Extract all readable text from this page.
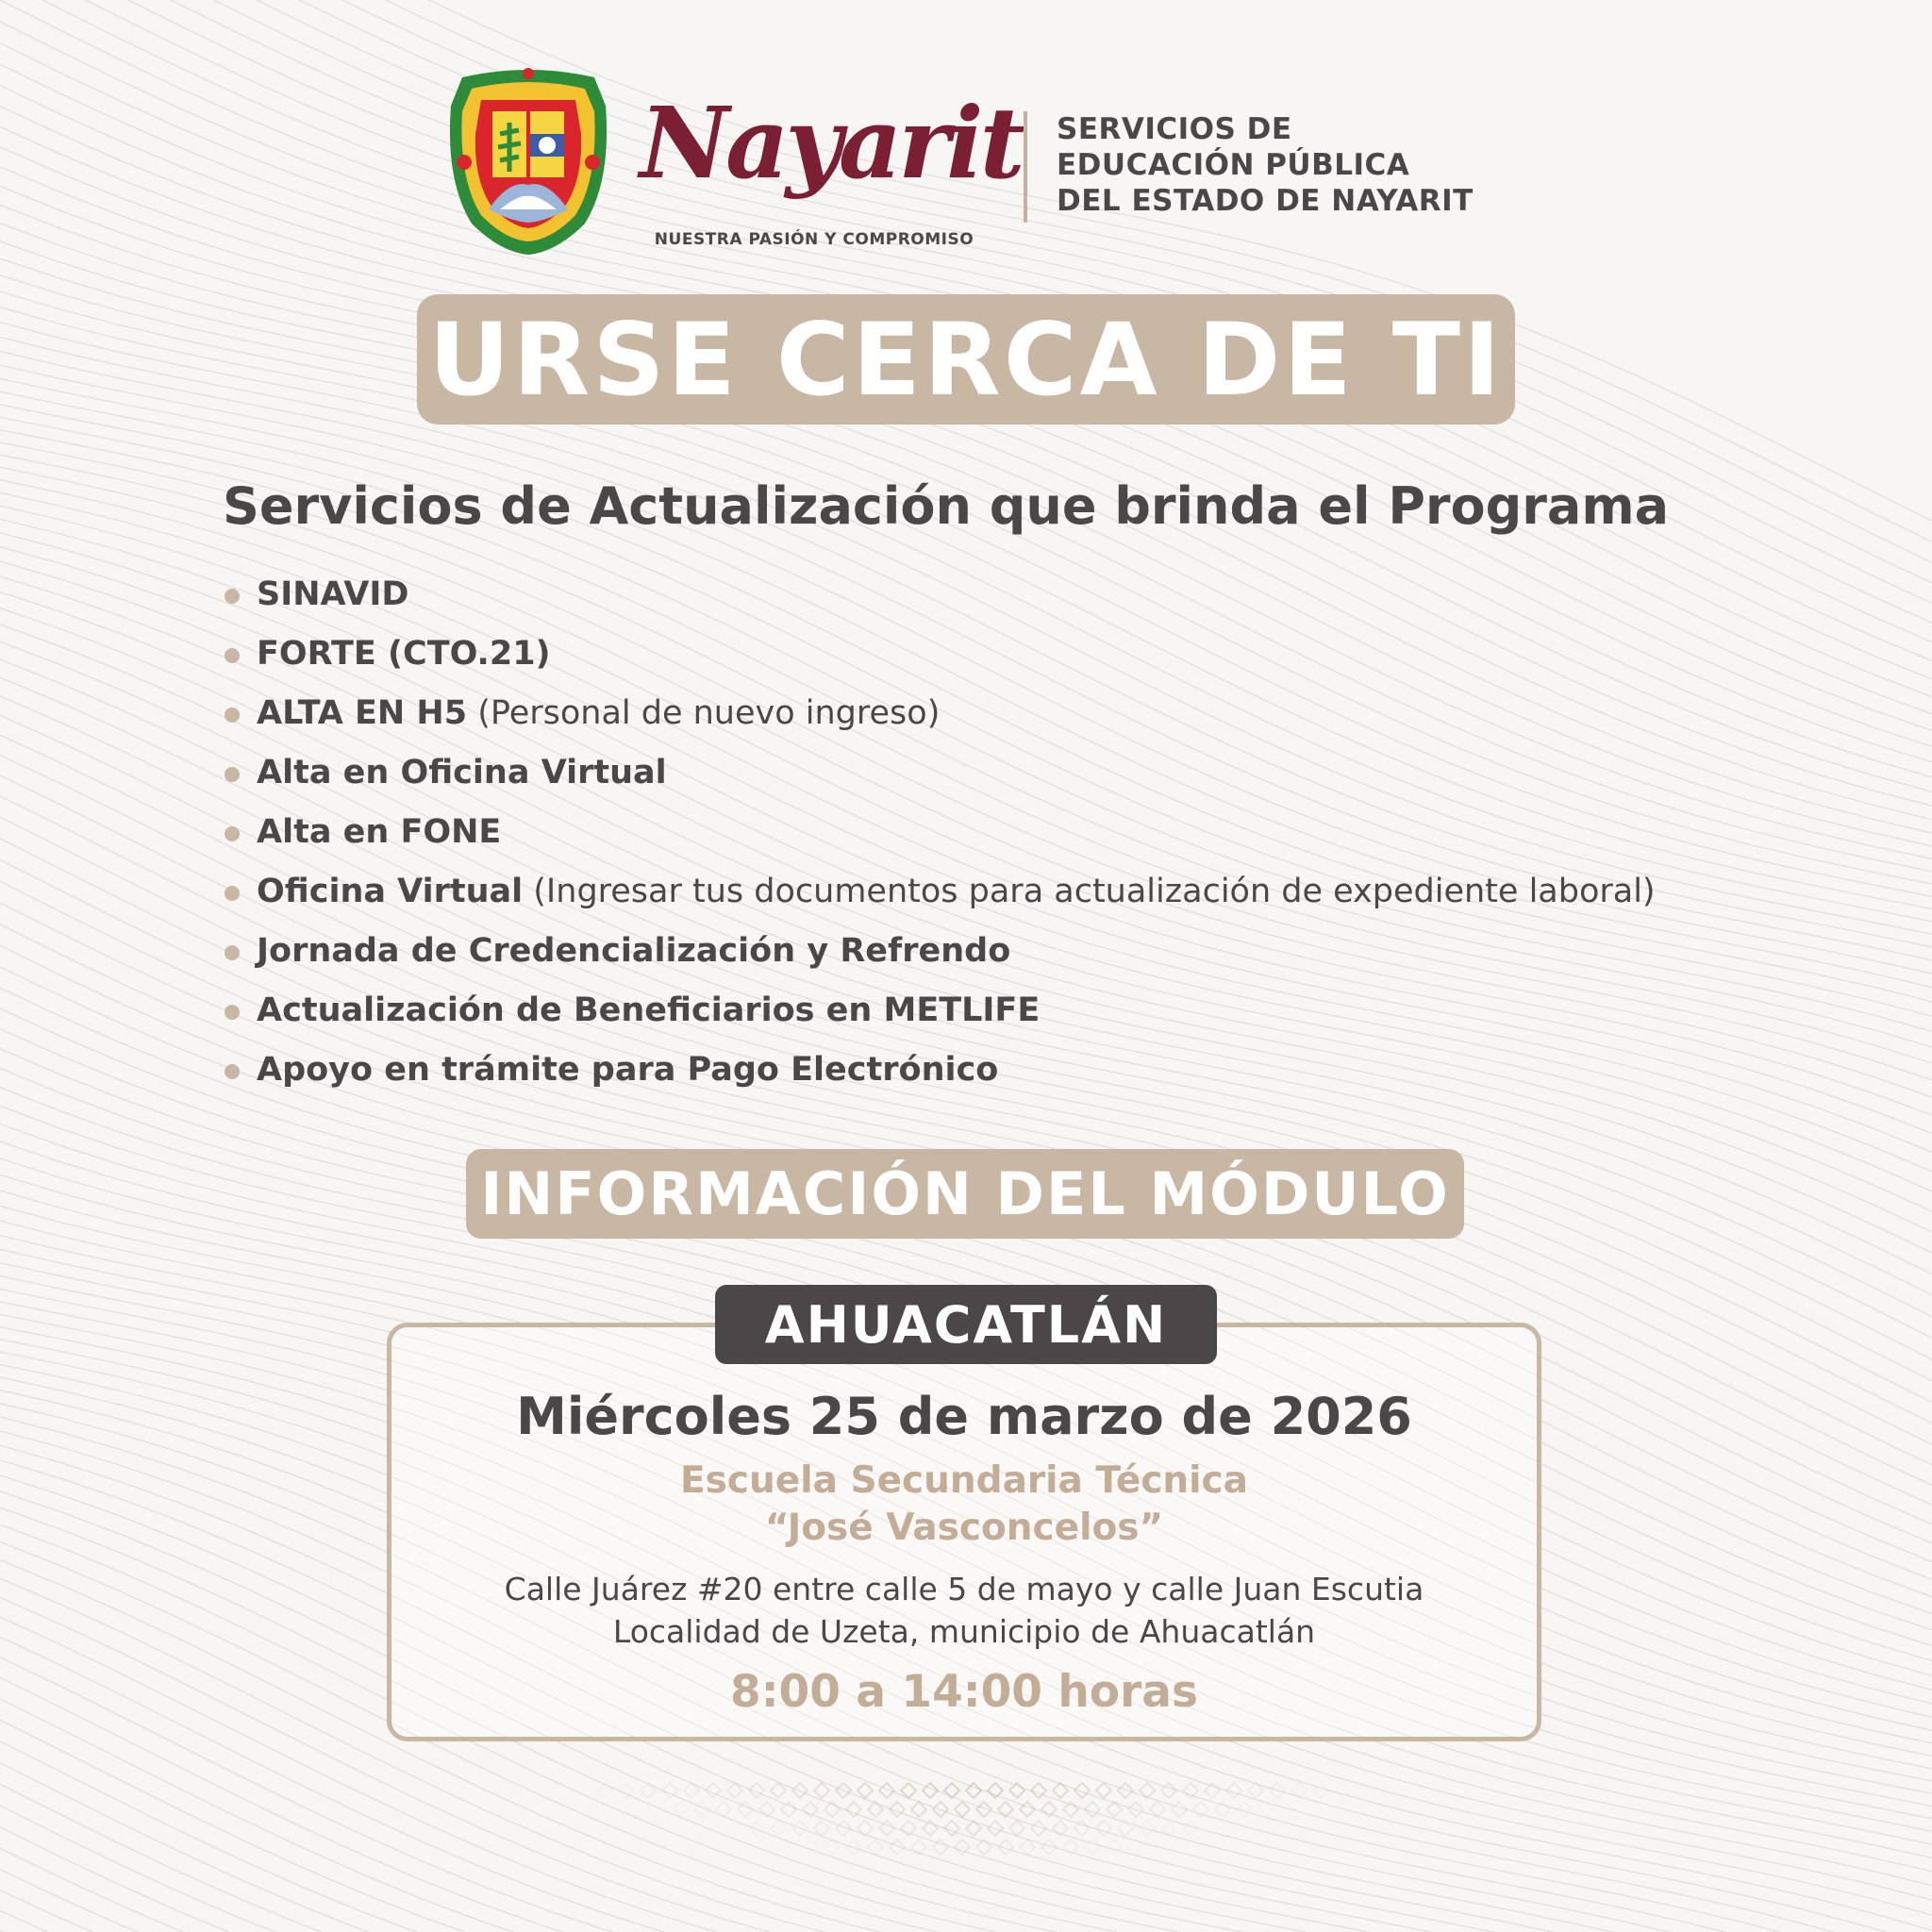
Nayarit
NUESTRA PASIÓN Y COMPROMISO
SERVICIOS DE
EDUCACIÓN PÚBLICA
DEL ESTADO DE NAYARIT
URSE CERCA DE TI
Servicios de Actualización que brinda el Programa
SINAVID
FORTE (CTO.21)
ALTA EN H5 (Personal de nuevo ingreso)
Alta en Oficina Virtual
Alta en FONE
Oficina Virtual (Ingresar tus documentos para actualización de expediente laboral)
Jornada de Credencialización y Refrendo
Actualización de Beneficiarios en METLIFE
Apoyo en trámite para Pago Electrónico
INFORMACIÓN DEL MÓDULO
AHUACATLÁN
Miércoles 25 de marzo de 2026
Escuela Secundaria Técnica
“José Vasconcelos”
Calle Juárez #20 entre calle 5 de mayo y calle Juan Escutia
Localidad de Uzeta, municipio de Ahuacatlán
8:00 a 14:00 horas
